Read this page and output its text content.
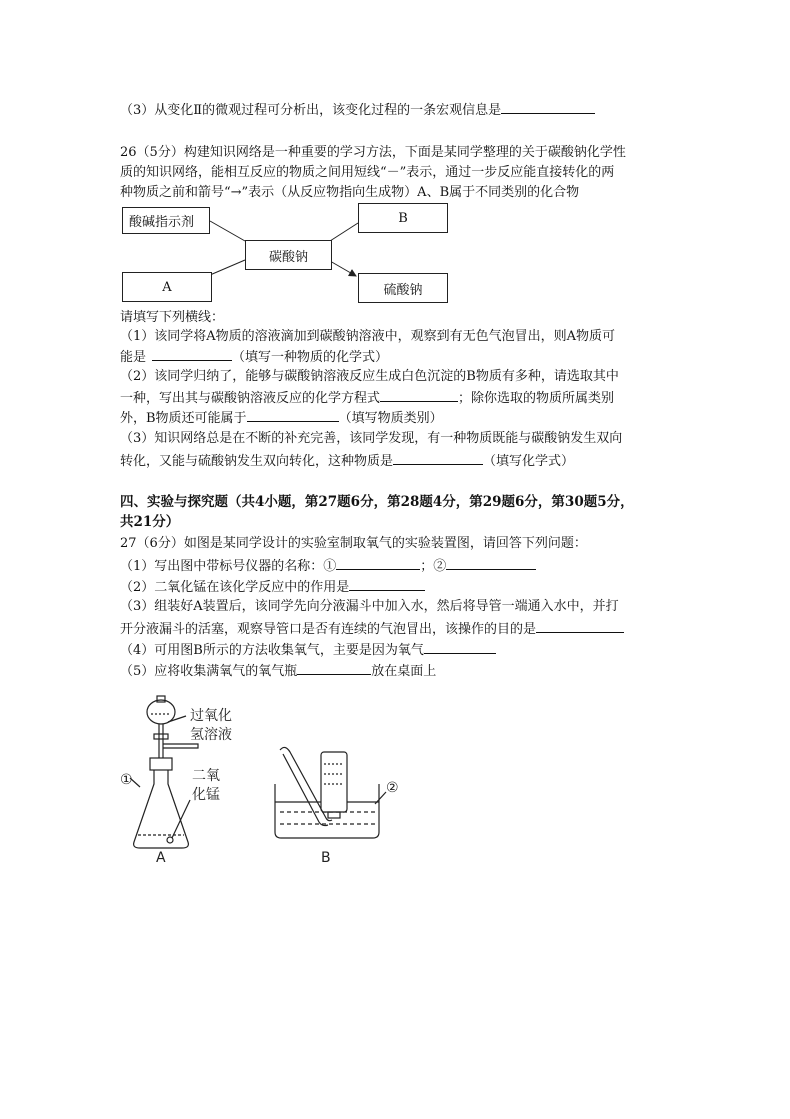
（3）从变化Ⅱ的微观过程可分析出，该变化过程的一条宏观信息是
26（5分）构建知识网络是一种重要的学习方法，下面是某同学整理的关于碳酸钠化学性
质的知识网络，能相互反应的物质之间用短线“－”表示，通过一步反应能直接转化的两
种物质之前和箭号“→”表示（从反应物指向生成物）A、B属于不同类别的化合物
酸碱指示剂	B
碳酸钠
A	硫酸钠
请填写下列横线：
（1）该同学将A物质的溶液滴加到碳酸钠溶液中，观察到有无色气泡冒出，则A物质可
能是	（填写一种物质的化学式）
（2）该同学归纳了，能够与碳酸钠溶液反应生成白色沉淀的B物质有多种，请选取其中
一种，写出其与碳酸钠溶液反应的化学方程式	；除你选取的物质所属类别
外，B物质还可能属于	（填写物质类别）
（3）知识网络总是在不断的补充完善，该同学发现，有一种物质既能与碳酸钠发生双向
转化，又能与硫酸钠发生双向转化，这种物质是	（填写化学式）
四、实验与探究题（共4小题，第27题6分，第28题4分，第29题6分，第30题5分，
共21分）
27（6分）如图是某同学设计的实验室制取氧气的实验装置图，请回答下列问题：
（1）写出图中带标号仪器的名称：①	；②
（2）二氧化锰在该化学反应中的作用是
（3）组装好A装置后，该同学先向分液漏斗中加入水，然后将导管一端通入水中，并打
开分液漏斗的活塞，观察导管口是否有连续的气泡冒出，该操作的目的是
（4）可用图B所示的方法收集氧气，主要是因为氧气
（5）应将收集满氧气的氧气瓶	放在桌面上
过氧化
氢溶液
二氧
化锰
①
A
②
B
